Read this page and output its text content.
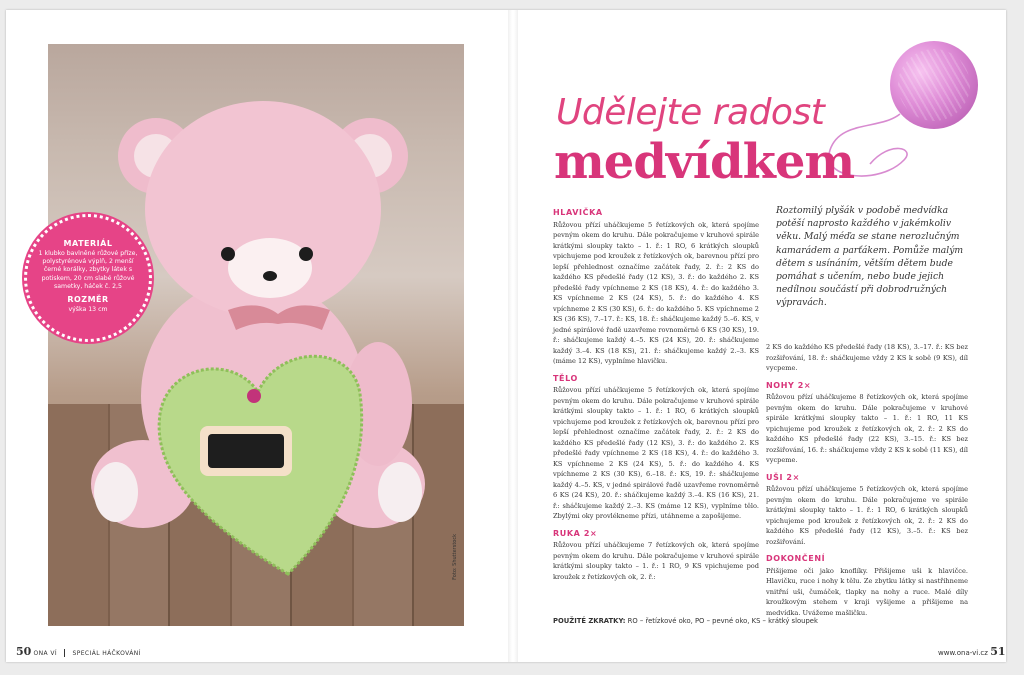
Foto: Shutterstock
MATERIÁL
1 klubko bavlněné růžové příze, polystyrénová výplň, 2 menší černé korálky, zbytky látek s potiskem, 20 cm slabé růžové sametky, háček č. 2,5
ROZMĚR
výška 13 cm
Udělejte radost
medvídkem
Roztomilý plyšák v podobě medvídka potěší naprosto každého v jakémkoliv věku. Malý méďa se stane nerozlučným kamarádem a parťákem. Pomůže malým dětem s usínáním, větším dětem bude pomáhat s učením, nebo bude jejich nedílnou součástí při dobrodružných výpravách.
HLAVIČKA

Růžovou přízí uháčkujeme 5 řetízkových ok, která spojíme pevným okem do kruhu. Dále pokračujeme v kruhové spirále krátkými sloupky takto – 1. ř.: 1 RO, 6 krátkých sloupků vpichujeme pod kroužek z řetízkových ok, barevnou přízí pro lepší přehlednost označíme začátek řady, 2. ř.: 2 KS do každého KS předešlé řady (12 KS), 3. ř.: do každého 2. KS předešlé řady vpíchneme 2 KS (18 KS), 4. ř.: do každého 3. KS vpíchneme 2 KS (24 KS), 5. ř.: do každého 4. KS vpíchneme 2 KS (30 KS), 6. ř.: do každého 5. KS vpíchneme 2 KS (36 KS), 7.–17. ř.: KS, 18. ř.: sháčkujeme každý 5.–6. KS, v jedné spirálové řadě uzavřeme rovnoměrně 6 KS (30 KS), 19. ř.: sháčkujeme každý 4.–5. KS (24 KS), 20. ř.: sháčkujeme každý 3.–4. KS (18 KS), 21. ř.: sháčkujeme každý 2.–3. KS (máme 12 KS), vyplníme hlavičku.

TĚLO

Růžovou přízí uháčkujeme 5 řetízkových ok, která spojíme pevným okem do kruhu. Dále pokračujeme v kruhové spirále krátkými sloupky takto – 1. ř.: 1 RO, 6 krátkých sloupků vpichujeme pod kroužek z řetízkových ok, barevnou přízí pro lepší přehlednost označíme začátek řady, 2. ř.: 2 KS do každého KS předešlé řady (12 KS), 3. ř.: do každého 2. KS předešlé řady vpíchneme 2 KS (18 KS), 4. ř.: do každého 3. KS vpíchneme 2 KS (24 KS), 5. ř.: do každého 4. KS vpíchneme 2 KS (30 KS), 6.–18. ř.: KS, 19. ř.: sháčkujeme každý 4.–5. KS, v jedné spirálové řadě uzavřeme rovnoměrně 6 KS (24 KS), 20. ř.: sháčkujeme každý 3.–4. KS (16 KS), 21. ř.: sháčkujeme každý 2.–3. KS (máme 12 KS), vyplníme tělo. Zbylými oky provlékneme přízi, utáhneme a zapošijeme.

RUKA 2×

Růžovou přízí uháčkujeme 7 řetízkových ok, která spojíme pevným okem do kruhu. Dále pokračujeme v kruhové spirále krátkými sloupky takto – 1. ř.: 1 RO, 9 KS vpichujeme pod kroužek z řetízkových ok, 2. ř.:

2 KS do každého KS předešlé řady (18 KS), 3.–17. ř.: KS bez rozšiřování, 18. ř.: sháčkujeme vždy 2 KS k sobě (9 KS), díl vycpeme.

NOHY 2×

Růžovou přízí uháčkujeme 8 řetízkových ok, která spojíme pevným okem do kruhu. Dále pokračujeme v kruhové spirále krátkými sloupky takto – 1. ř.: 1 RO, 11 KS vpichujeme pod kroužek z řetízkových ok, 2. ř.: 2 KS do každého KS předešlé řady (22 KS), 3.–15. ř.: KS bez rozšiřování, 16. ř.: sháčkujeme vždy 2 KS k sobě (11 KS), díl vycpeme.

UŠI 2×

Růžovou přízí uháčkujeme 5 řetízkových ok, která spojíme pevným okem do kruhu. Dále pokračujeme ve spirále krátkými sloupky takto – 1. ř.: 1 RO, 6 krátkých sloupků vpichujeme pod kroužek z řetízkových ok, 2. ř.: 2 KS do každého KS předešlé řady (12 KS), 3.–5. ř.: KS bez rozšiřování.

DOKONČENÍ

Přišijeme oči jako knoflíky. Přišijeme uši k hlavičce. Hlavičku, ruce i nohy k tělu. Ze zbytku látky si nastřihneme vnitřní uši, čumáček, tlapky na nohy a ruce. Malé díly kroužkovým stehem v kraji vyšijeme a přišijeme na medvídka. Uvážeme mašličku.

POUŽITÉ ZKRATKY: RO – řetízkové oko, PO – pevné oko, KS – krátký sloupek
50 ONA VÍ	SPECIÁL HÁČKOVÁNÍ	www.ona-vi.cz 51
